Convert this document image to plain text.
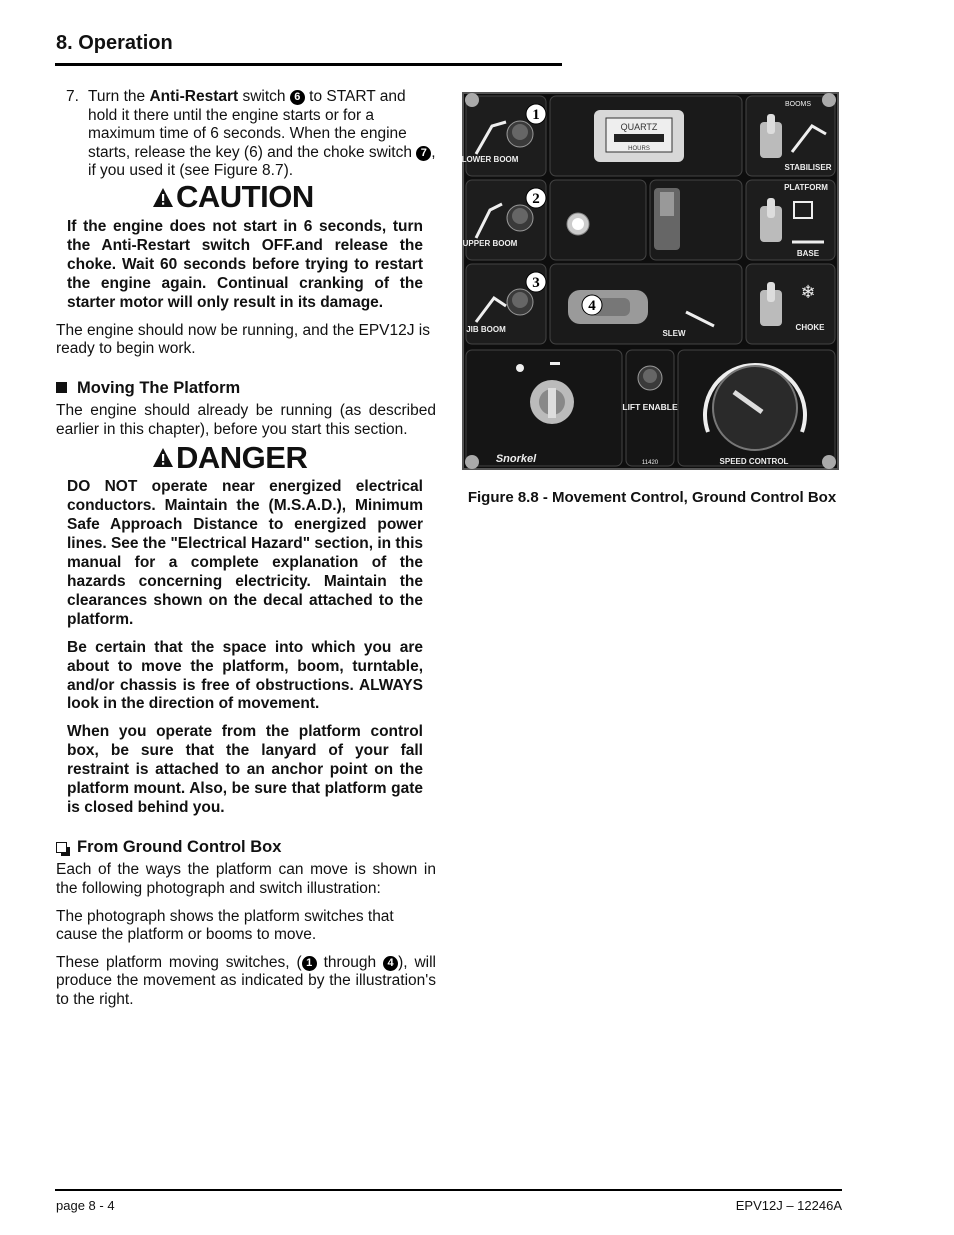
8. Operation

7. Turn the Anti-Restart switch 6 to START and hold it there until the engine starts or for a maximum time of 6 seconds. When the engine starts, release the key (6) and the choke switch 7 , if you used it (see Figure 8.7).

CAUTION

If the engine does not start in 6 seconds, turn the Anti-Restart switch OFF.and release the choke. Wait 60 seconds before trying to restart the engine again. Continual cranking of the starter motor will only result in its damage.

The engine should now be running, and the EPV12J is ready to begin work.

Moving The Platform

The engine should already be running (as described earlier in this chapter), before you start this section.

DANGER

DO NOT operate near energized electrical conductors. Maintain the (M.S.A.D.), Minimum Safe Approach Distance to energized power lines. See the "Electrical Hazard" section, in this manual for a complete explanation of the hazards concerning electricity. Maintain the clearances shown on the decal attached to the platform.

Be certain that the space into which you are about to move the platform, boom, turntable, and/or chassis is free of obstructions. ALWAYS look in the direction of movement.

When you operate from the platform control box, be sure that the lanyard of your fall restraint is attached to an anchor point on the platform mount. Also, be sure that platform gate is closed behind you.

From Ground Control Box

Each of the ways the platform can move is shown in the following photograph and switch illustration:

The photograph shows the platform switches that cause the platform or booms to move.

These platform moving switches, ( 1 through 4 ), will produce the movement as indicated by the illustration's to the right.

QUARTZ
HOURS
❄
LIFT ENABLE
LOWER BOOM
UPPER BOOM
JIB BOOM
BOOMS
STABILISER
PLATFORM
BASE
CHOKE
SLEW
SPEED CONTROL
Snorkel	11420
1
2
3
4
Figure 8.8 - Movement Control, Ground Control Box
page 8 - 4	EPV12J – 12246A
